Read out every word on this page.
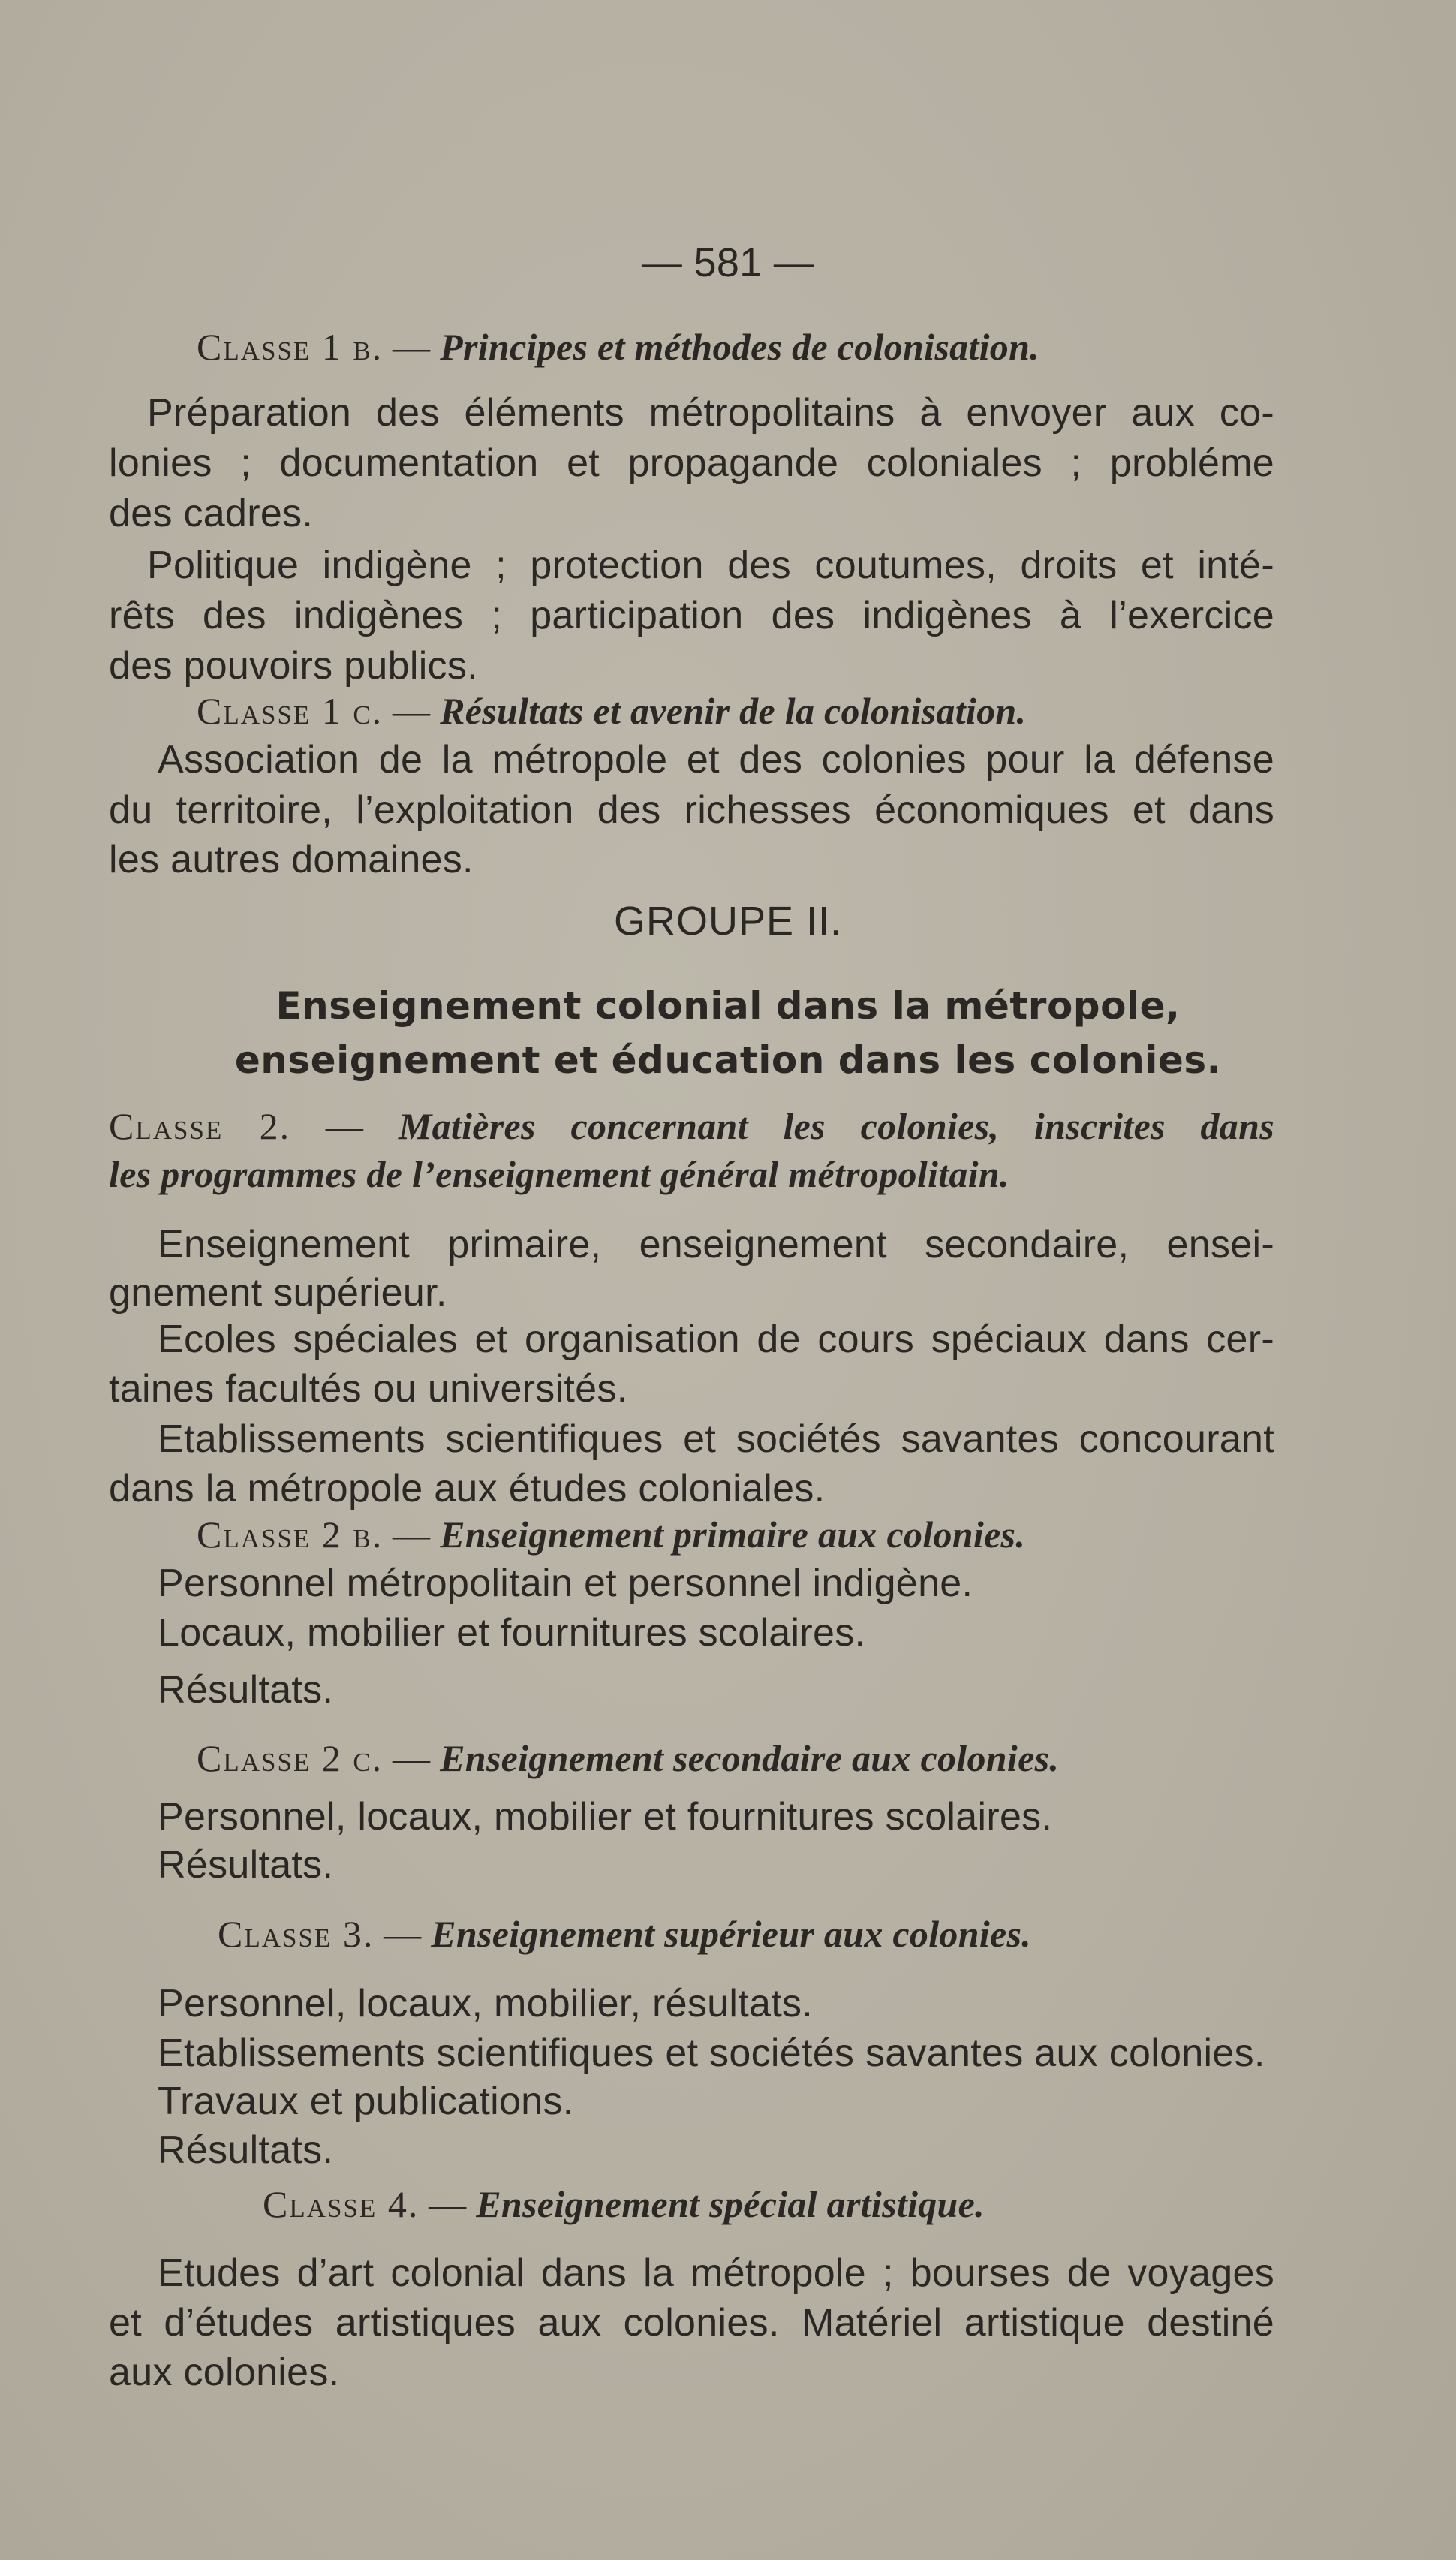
— 581 —
Classe 1 b. — Principes et méthodes de colonisation.
Préparation des éléments métropolitains à envoyer aux co-
lonies ; documentation et propagande coloniales ; probléme
des cadres.
Politique indigène ; protection des coutumes, droits et inté-
rêts des indigènes ; participation des indigènes à l’exercice
des pouvoirs publics.
Classe 1 c. — Résultats et avenir de la colonisation.
Association de la métropole et des colonies pour la défense
du territoire, l’exploitation des richesses économiques et dans
les autres domaines.
GROUPE II.
Enseignement colonial dans la métropole,
enseignement et éducation dans les colonies.
Classe 2. — Matières concernant les colonies, inscrites dans
les programmes de l’enseignement général métropolitain.
Enseignement primaire, enseignement secondaire, ensei-
gnement supérieur.
Ecoles spéciales et organisation de cours spéciaux dans cer-
taines facultés ou universités.
Etablissements scientifiques et sociétés savantes concourant
dans la métropole aux études coloniales.
Classe 2 b. — Enseignement primaire aux colonies.
Personnel métropolitain et personnel indigène.
Locaux, mobilier et fournitures scolaires.
Résultats.
Classe 2 c. — Enseignement secondaire aux colonies.
Personnel, locaux, mobilier et fournitures scolaires.
Résultats.
Classe 3. — Enseignement supérieur aux colonies.
Personnel, locaux, mobilier, résultats.
Etablissements scientifiques et sociétés savantes aux colonies.
Travaux et publications.
Résultats.
Classe 4. — Enseignement spécial artistique.
Etudes d’art colonial dans la métropole ; bourses de voyages
et d’études artistiques aux colonies. Matériel artistique destiné
aux colonies.
